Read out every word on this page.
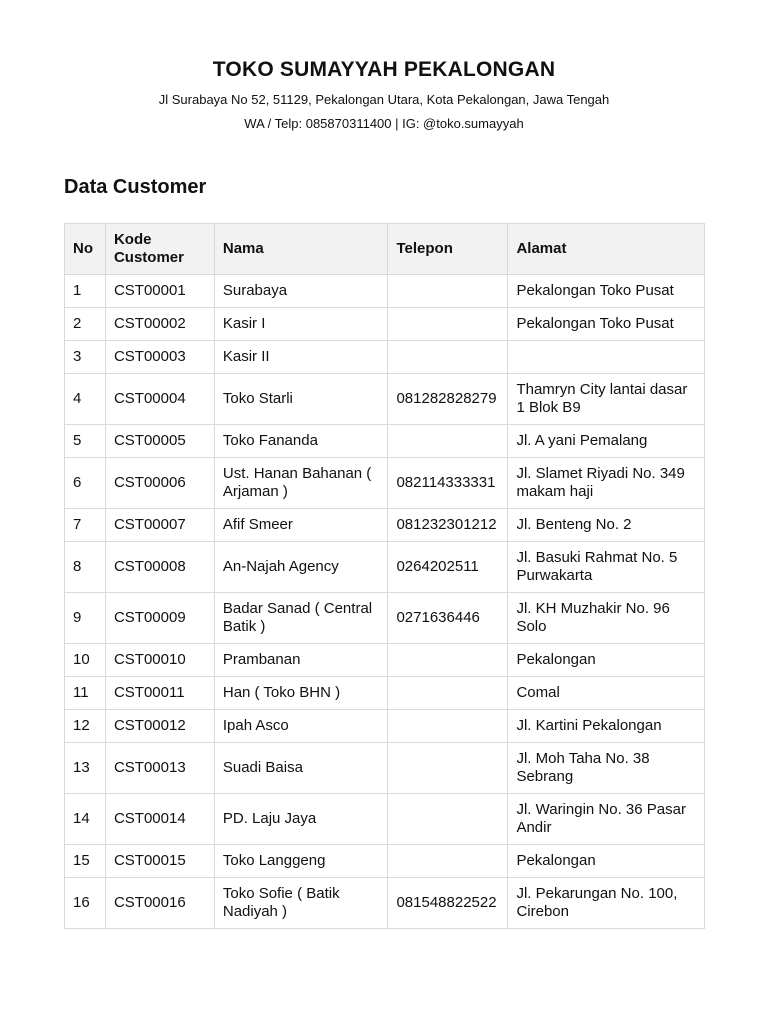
TOKO SUMAYYAH PEKALONGAN
Jl Surabaya No 52, 51129, Pekalongan Utara, Kota Pekalongan, Jawa Tengah
WA / Telp: 085870311400 | IG: @toko.sumayyah
Data Customer
No	Kode Customer	Nama	Telepon	Alamat
1	CST00001	Surabaya		Pekalongan Toko Pusat
2	CST00002	Kasir I		Pekalongan Toko Pusat
3	CST00003	Kasir II		
4	CST00004	Toko Starli	081282828279	Thamryn City lantai dasar 1 Blok B9
5	CST00005	Toko Fananda		Jl. A yani Pemalang
6	CST00006	Ust. Hanan Bahanan ( Arjaman )	082114333331	Jl. Slamet Riyadi No. 349 makam haji
7	CST00007	Afif Smeer	081232301212	Jl. Benteng No. 2
8	CST00008	An-Najah Agency	0264202511	Jl. Basuki Rahmat No. 5 Purwakarta
9	CST00009	Badar Sanad ( Central Batik )	0271636446	Jl. KH Muzhakir No. 96 Solo
10	CST00010	Prambanan		Pekalongan
11	CST00011	Han ( Toko BHN )		Comal
12	CST00012	Ipah Asco		Jl. Kartini Pekalongan
13	CST00013	Suadi Baisa		Jl. Moh Taha No. 38 Sebrang
14	CST00014	PD. Laju Jaya		Jl. Waringin No. 36 Pasar Andir
15	CST00015	Toko Langgeng		Pekalongan
16	CST00016	Toko Sofie ( Batik Nadiyah )	081548822522	Jl. Pekarungan No. 100, Cirebon
